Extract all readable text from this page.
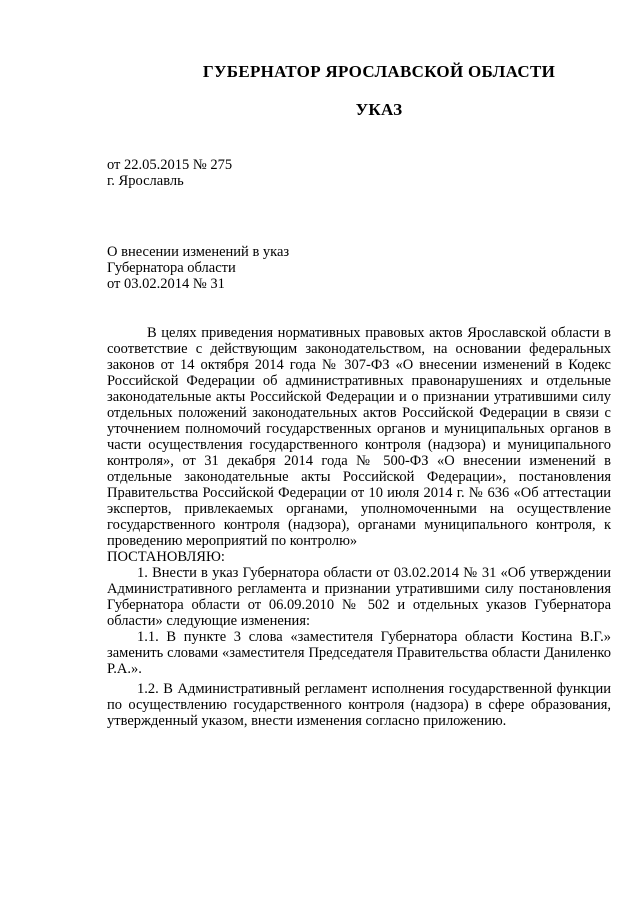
ГУБЕРНАТОР ЯРОСЛАВСКОЙ ОБЛАСТИ
УКАЗ
от 22.05.2015 № 275
г. Ярославль
О внесении изменений в указ
Губернатора области
от 03.02.2014 № 31

В целях приведения нормативных правовых актов Ярославской области в соответствие с действующим законодательством, на основании федеральных законов от 14 октября 2014 года № 307-ФЗ «О внесении изменений в Кодекс Российской Федерации об административных правонарушениях и отдельные законодательные акты Российской Федерации и о признании утратившими силу отдельных положений законодательных актов Российской Федерации в связи с уточнением полномочий государственных органов и муниципальных органов в части осуществления государственного контроля (надзора) и муниципального контроля», от 31 декабря 2014 года № 500-ФЗ «О внесении изменений в отдельные законодательные акты Российской Федерации», постановления Правительства Российской Федерации от 10 июля 2014 г. № 636 «Об аттестации экспертов, привлекаемых органами, уполномоченными на осуществление государственного контроля (надзора), органами муниципального контроля, к проведению мероприятий по контролю»

ПОСТАНОВЛЯЮ:

1. Внести в указ Губернатора области от 03.02.2014 № 31 «Об утверждении Административного регламента и признании утратившими силу постановления Губернатора области от 06.09.2010 № 502 и отдельных указов Губернатора области» следующие изменения:

1.1. В пункте 3 слова «заместителя Губернатора области Костина В.Г.» заменить словами «заместителя Председателя Правительства области Даниленко Р.А.».

1.2. В Административный регламент исполнения государственной функции по осуществлению государственного контроля (надзора) в сфере образования, утвержденный указом, внести изменения согласно приложению.
